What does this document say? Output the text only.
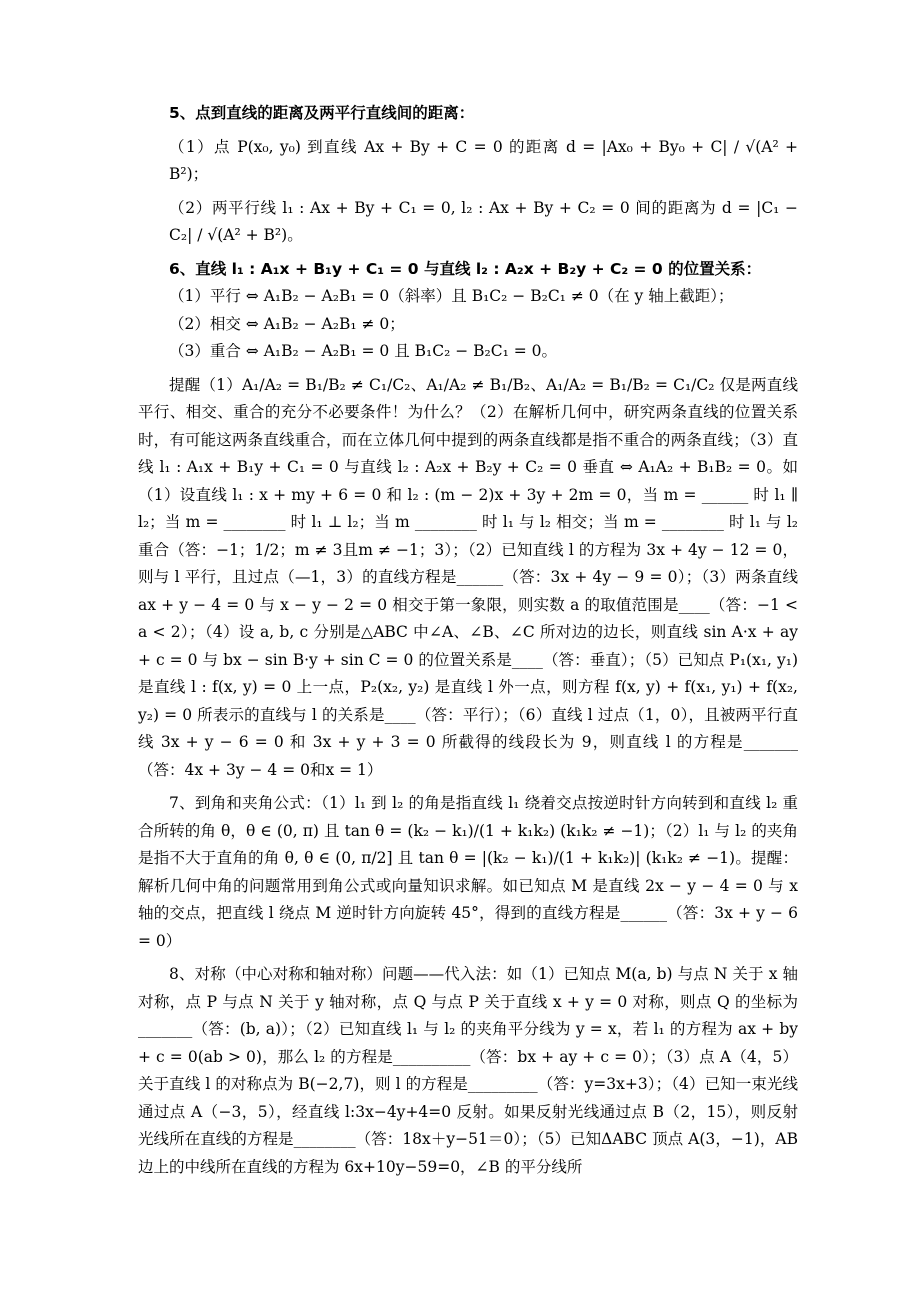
5、点到直线的距离及两平行直线间的距离：

（1）点 P(x₀, y₀) 到直线 Ax + By + C = 0 的距离 d = |Ax₀ + By₀ + C| / √(A² + B²)；

（2）两平行线 l₁ : Ax + By + C₁ = 0, l₂ : Ax + By + C₂ = 0 间的距离为 d = |C₁ − C₂| / √(A² + B²)。

6、直线 l₁ : A₁x + B₁y + C₁ = 0 与直线 l₂ : A₂x + B₂y + C₂ = 0 的位置关系：

（1）平行 ⇔ A₁B₂ − A₂B₁ = 0（斜率）且 B₁C₂ − B₂C₁ ≠ 0（在 y 轴上截距）；

（2）相交 ⇔ A₁B₂ − A₂B₁ ≠ 0；

（3）重合 ⇔ A₁B₂ − A₂B₁ = 0 且 B₁C₂ − B₂C₁ = 0。

提醒（1）A₁/A₂ = B₁/B₂ ≠ C₁/C₂、A₁/A₂ ≠ B₁/B₂、A₁/A₂ = B₁/B₂ = C₁/C₂ 仅是两直线平行、相交、重合的充分不必要条件！为什么？（2）在解析几何中，研究两条直线的位置关系时，有可能这两条直线重合，而在立体几何中提到的两条直线都是指不重合的两条直线；（3）直线 l₁ : A₁x + B₁y + C₁ = 0 与直线 l₂ : A₂x + B₂y + C₂ = 0 垂直 ⇔ A₁A₂ + B₁B₂ = 0。如（1）设直线 l₁ : x + my + 6 = 0 和 l₂ : (m − 2)x + 3y + 2m = 0，当 m = ______ 时 l₁ ∥ l₂；当 m = ________ 时 l₁ ⊥ l₂；当 m ________ 时 l₁ 与 l₂ 相交；当 m = ________ 时 l₁ 与 l₂ 重合（答：−1；1/2；m ≠ 3且m ≠ −1；3）；（2）已知直线 l 的方程为 3x + 4y − 12 = 0，则与 l 平行，且过点（—1，3）的直线方程是______（答：3x + 4y − 9 = 0）；（3）两条直线 ax + y − 4 = 0 与 x − y − 2 = 0 相交于第一象限，则实数 a 的取值范围是____（答：−1 < a < 2）；（4）设 a, b, c 分别是△ABC 中∠A、∠B、∠C 所对边的边长，则直线 sin A·x + ay + c = 0 与 bx − sin B·y + sin C = 0 的位置关系是____（答：垂直）；（5）已知点 P₁(x₁, y₁) 是直线 l : f(x, y) = 0 上一点，P₂(x₂, y₂) 是直线 l 外一点，则方程 f(x, y) + f(x₁, y₁) + f(x₂, y₂) = 0 所表示的直线与 l 的关系是____（答：平行）；（6）直线 l 过点（1，0），且被两平行直线 3x + y − 6 = 0 和 3x + y + 3 = 0 所截得的线段长为 9，则直线 l 的方程是_______（答：4x + 3y − 4 = 0和x = 1）

7、到角和夹角公式：（1）l₁ 到 l₂ 的角是指直线 l₁ 绕着交点按逆时针方向转到和直线 l₂ 重合所转的角 θ，θ ∈ (0, π) 且 tan θ = (k₂ − k₁)/(1 + k₁k₂) (k₁k₂ ≠ −1)；（2）l₁ 与 l₂ 的夹角是指不大于直角的角 θ, θ ∈ (0, π/2] 且 tan θ = |(k₂ − k₁)/(1 + k₁k₂)| (k₁k₂ ≠ −1)。提醒：解析几何中角的问题常用到角公式或向量知识求解。如已知点 M 是直线 2x − y − 4 = 0 与 x 轴的交点，把直线 l 绕点 M 逆时针方向旋转 45°，得到的直线方程是______（答：3x + y − 6 = 0）

8、对称（中心对称和轴对称）问题——代入法：如（1）已知点 M(a, b) 与点 N 关于 x 轴对称，点 P 与点 N 关于 y 轴对称，点 Q 与点 P 关于直线 x + y = 0 对称，则点 Q 的坐标为_______（答：(b, a)）；（2）已知直线 l₁ 与 l₂ 的夹角平分线为 y = x，若 l₁ 的方程为 ax + by + c = 0(ab > 0)，那么 l₂ 的方程是__________（答：bx + ay + c = 0）；（3）点 A（4，5）关于直线 l 的对称点为 B(−2,7)，则 l 的方程是_________（答：y=3x+3）；（4）已知一束光线通过点 A（−3，5），经直线 l:3x−4y+4=0 反射。如果反射光线通过点 B（2，15），则反射光线所在直线的方程是________（答：18x＋y−51＝0）；（5）已知ΔABC 顶点 A(3，−1)，AB 边上的中线所在直线的方程为 6x+10y−59=0，∠B 的平分线所
